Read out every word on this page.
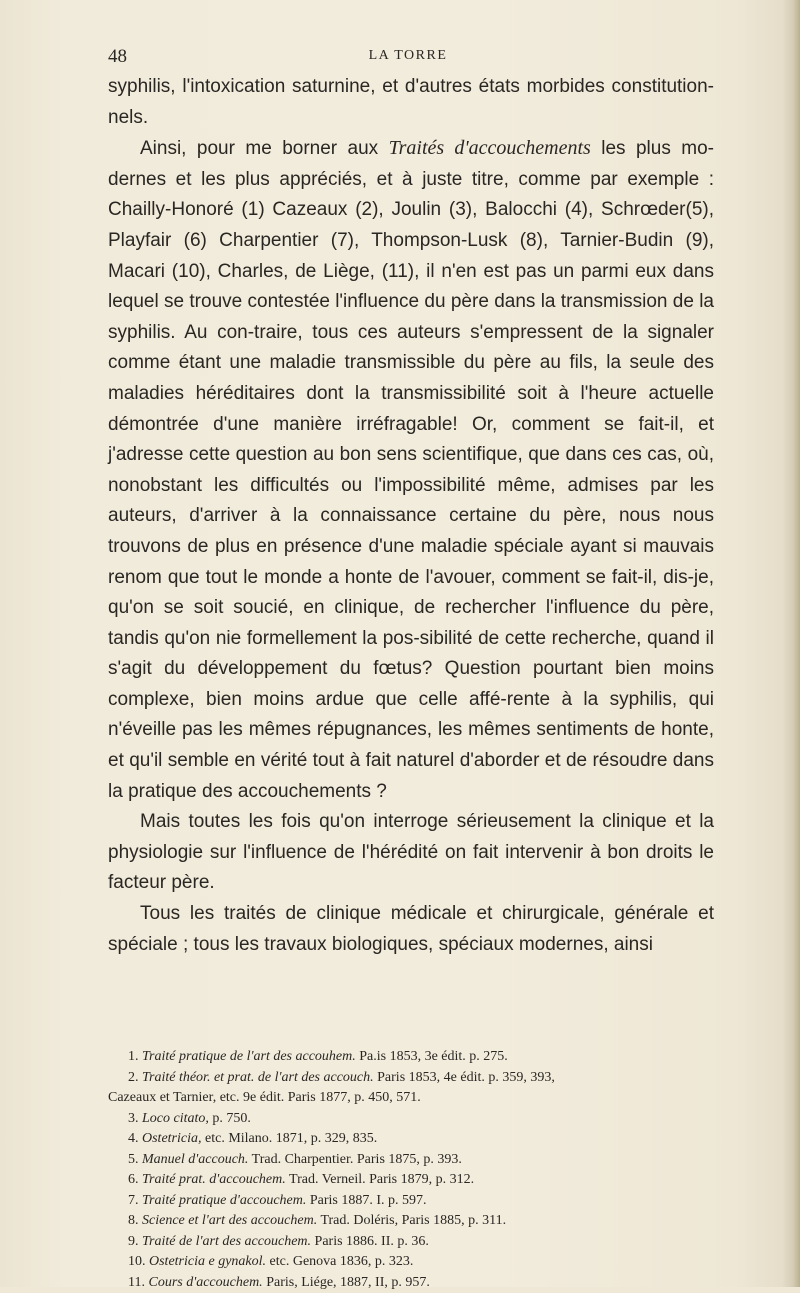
48	LA TORRE

syphilis, l'intoxication saturnine, et d'autres états morbides constitution-nels.

Ainsi, pour me borner aux Traités d'accouchements les plus mo-dernes et les plus appréciés, et à juste titre, comme par exemple : Chailly-Honoré (1) Cazeaux (2), Joulin (3), Balocchi (4), Schrœder(5), Playfair (6) Charpentier (7), Thompson-Lusk (8), Tarnier-Budin (9), Macari (10), Charles, de Liège, (11), il n'en est pas un parmi eux dans lequel se trouve contestée l'influence du père dans la transmission de la syphilis. Au con-traire, tous ces auteurs s'empressent de la signaler comme étant une maladie transmissible du père au fils, la seule des maladies héréditaires dont la transmissibilité soit à l'heure actuelle démontrée d'une manière irréfragable! Or, comment se fait-il, et j'adresse cette question au bon sens scientifique, que dans ces cas, où, nonobstant les difficultés ou l'impossibilité même, admises par les auteurs, d'arriver à la connaissance certaine du père, nous nous trouvons de plus en présence d'une maladie spéciale ayant si mauvais renom que tout le monde a honte de l'avouer, comment se fait-il, dis-je, qu'on se soit soucié, en clinique, de rechercher l'influence du père, tandis qu'on nie formellement la pos-sibilité de cette recherche, quand il s'agit du développement du fœtus? Question pourtant bien moins complexe, bien moins ardue que celle affé-rente à la syphilis, qui n'éveille pas les mêmes répugnances, les mêmes sentiments de honte, et qu'il semble en vérité tout à fait naturel d'aborder et de résoudre dans la pratique des accouchements ?

Mais toutes les fois qu'on interroge sérieusement la clinique et la physiologie sur l'influence de l'hérédité on fait intervenir à bon droits le facteur père.

Tous les traités de clinique médicale et chirurgicale, générale et spéciale ; tous les travaux biologiques, spéciaux modernes, ainsi

1. Traité pratique de l'art des accouhem. Pa.is 1853, 3e édit. p. 275.

2. Traité théor. et prat. de l'art des accouch. Paris 1853, 4e édit. p. 359, 393,
Cazeaux et Tarnier, etc. 9e édit. Paris 1877, p. 450, 571.

3. Loco citato, p. 750.

4. Ostetricia, etc. Milano. 1871, p. 329, 835.

5. Manuel d'accouch. Trad. Charpentier. Paris 1875, p. 393.

6. Traité prat. d'accouchem. Trad. Verneil. Paris 1879, p. 312.

7. Traité pratique d'accouchem. Paris 1887. I. p. 597.

8. Science et l'art des accouchem. Trad. Doléris, Paris 1885, p. 311.

9. Traité de l'art des accouchem. Paris 1886. II. p. 36.

10. Ostetricia e gynakol. etc. Genova 1836, p. 323.

11. Cours d'accouchem. Paris, Liége, 1887, II, p. 957.
